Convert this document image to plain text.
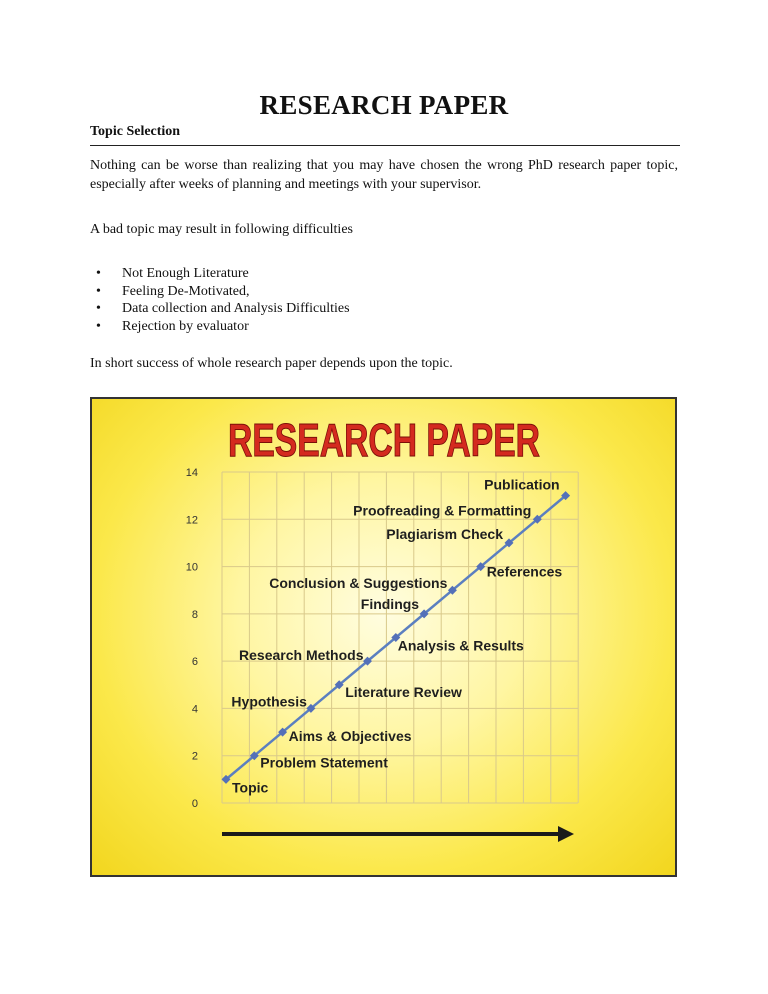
RESEARCH PAPER
Topic Selection

Nothing can be worse than realizing that you may have chosen the wrong PhD research paper topic, especially after weeks of planning and meetings with your supervisor.

A bad topic may result in following difficulties

•	Not Enough Literature
•	Feeling De-Motivated,
•	Data collection and Analysis Difficulties
•	Rejection by evaluator

In short success of whole research paper depends upon the topic.

RESEARCH PAPER
0
2
4
6
8
10
12
14
Topic
Problem Statement
Aims & Objectives
Hypothesis
Literature Review
Research Methods
Analysis & Results
Findings
Conclusion & Suggestions
References
Plagiarism Check
Proofreading & Formatting
Publication
